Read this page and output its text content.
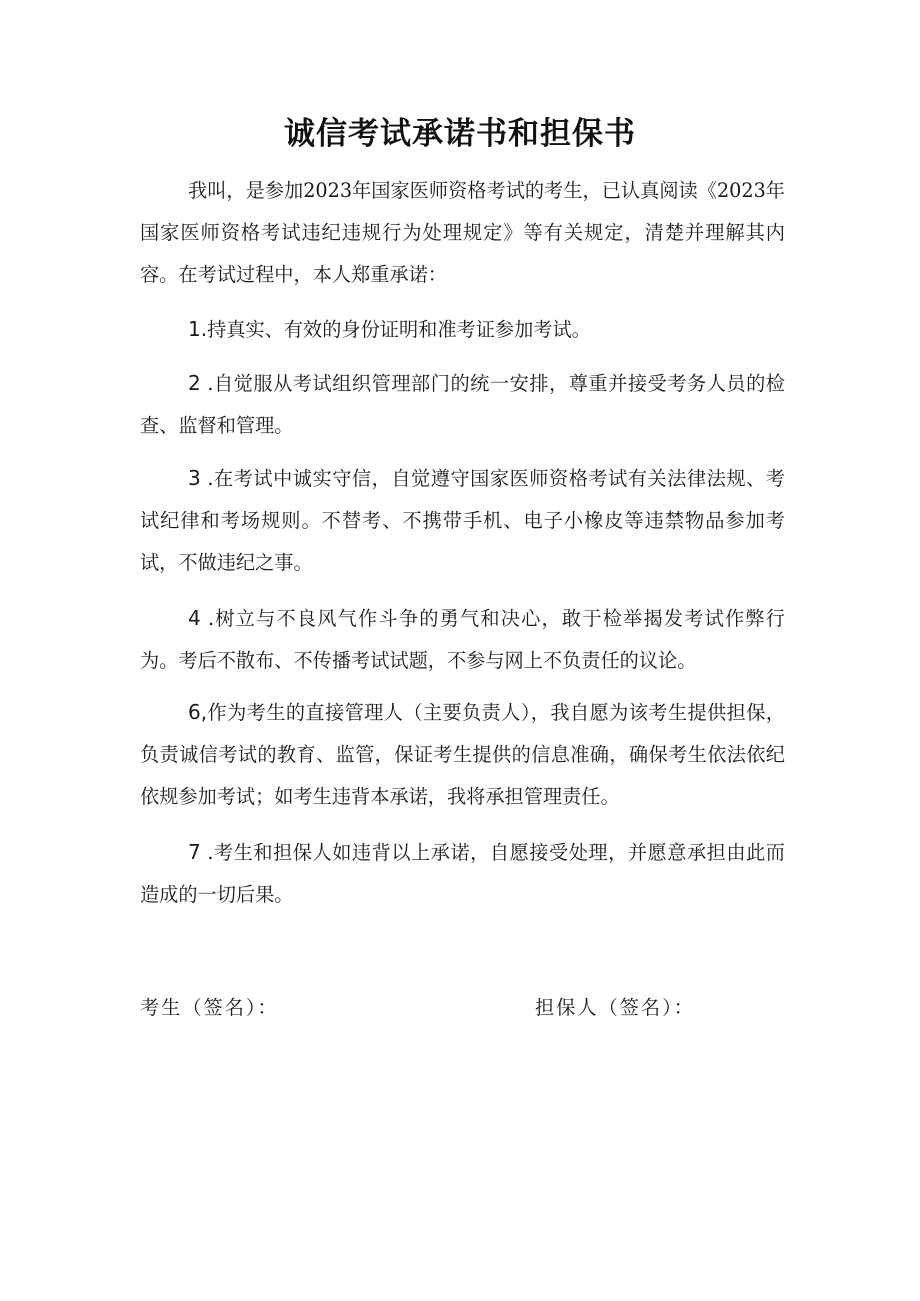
诚信考试承诺书和担保书

我叫，是参加2023年国家医师资格考试的考生，已认真阅读《2023年国家医师资格考试违纪违规行为处理规定》等有关规定，清楚并理解其内容。在考试过程中，本人郑重承诺：

1.持真实、有效的身份证明和准考证参加考试。

2 .自觉服从考试组织管理部门的统一安排，尊重并接受考务人员的检查、监督和管理。

3 .在考试中诚实守信，自觉遵守国家医师资格考试有关法律法规、考试纪律和考场规则。不替考、不携带手机、电子小橡皮等违禁物品参加考试，不做违纪之事。

4 .树立与不良风气作斗争的勇气和决心，敢于检举揭发考试作弊行为。考后不散布、不传播考试试题，不参与网上不负责任的议论。

6,作为考生的直接管理人（主要负责人），我自愿为该考生提供担保，负责诚信考试的教育、监管，保证考生提供的信息准确，确保考生依法依纪依规参加考试；如考生违背本承诺，我将承担管理责任。

7 .考生和担保人如违背以上承诺，自愿接受处理，并愿意承担由此而造成的一切后果。

考生（签名）：	担保人（签名）：
